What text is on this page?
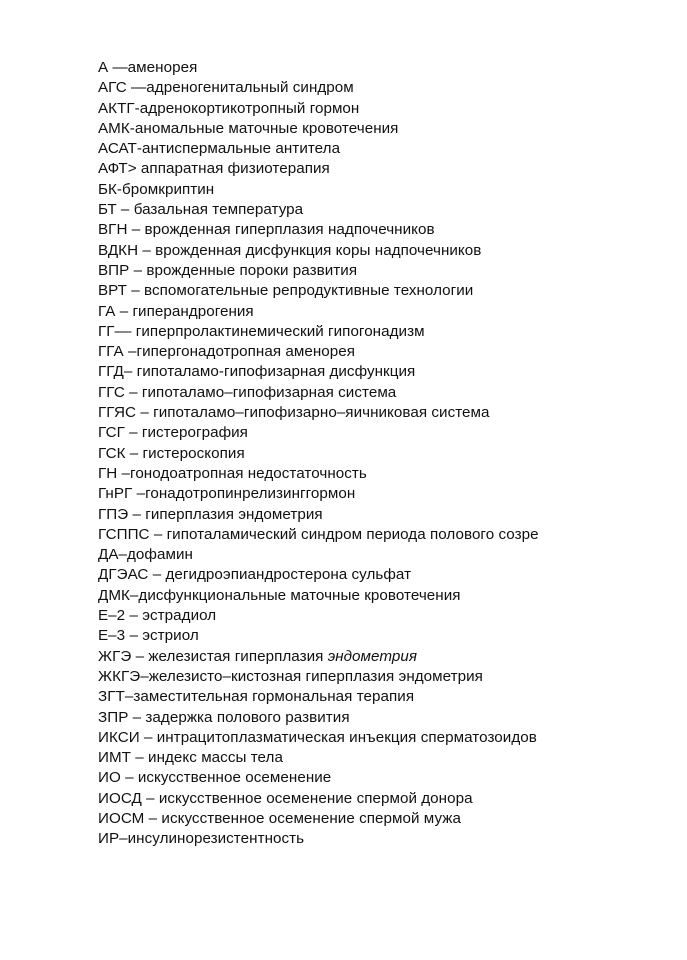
А —аменорея
АГС —адреногенитальный синдром
АКТГ-адренокортикотропный гормон
АМК-аномальные маточные кровотечения
АСАТ-антиспермальные антитела
АФТ> аппаратная физиотерапия
БК-бромкриптин
БТ – базальная температура
ВГН – врожденная гиперплазия надпочечников
ВДКН – врожденная дисфункция коры надпочечников
ВПР – врожденные пороки развития
ВРТ – вспомогательные репродуктивные технологии
ГА – гиперандрогения
ГГ–– гиперпролактинемический гипогонадизм
ГГА –гипергонадотропная аменорея
ГГД– гипоталамо-гипофизарная дисфункция
ГГС – гипоталамо–гипофизарная система
ГГЯС – гипоталамо–гипофизарно–яичниковая система
ГСГ – гистерография
ГСК – гистероскопия
ГН –гонодоатропная недостаточность
ГнРГ –гонадотропинрелизинггормон
ГПЭ – гиперплазия эндометрия
ГСППС – гипоталамический синдром периода полового созре
ДА–дофамин
ДГЭАС – дегидроэпиандростерона сульфат
ДМК–дисфункциональные маточные кровотечения
Е–2 – эстрадиол
Е–3 – эстриол
ЖГЭ – железистая гиперплазия эндометрия
ЖКГЭ–железисто–кистозная гиперплазия эндометрия
ЗГТ–заместительная гормональная терапия
ЗПР – задержка полового развития
ИКСИ – интрацитоплазматическая инъекция сперматозоидов
ИМТ – индекс массы тела
ИО – искусственное осеменение
ИОСД – искусственное осеменение спермой донора
ИОСМ – искусственное осеменение спермой мужа
ИР–инсулинорезистентность
